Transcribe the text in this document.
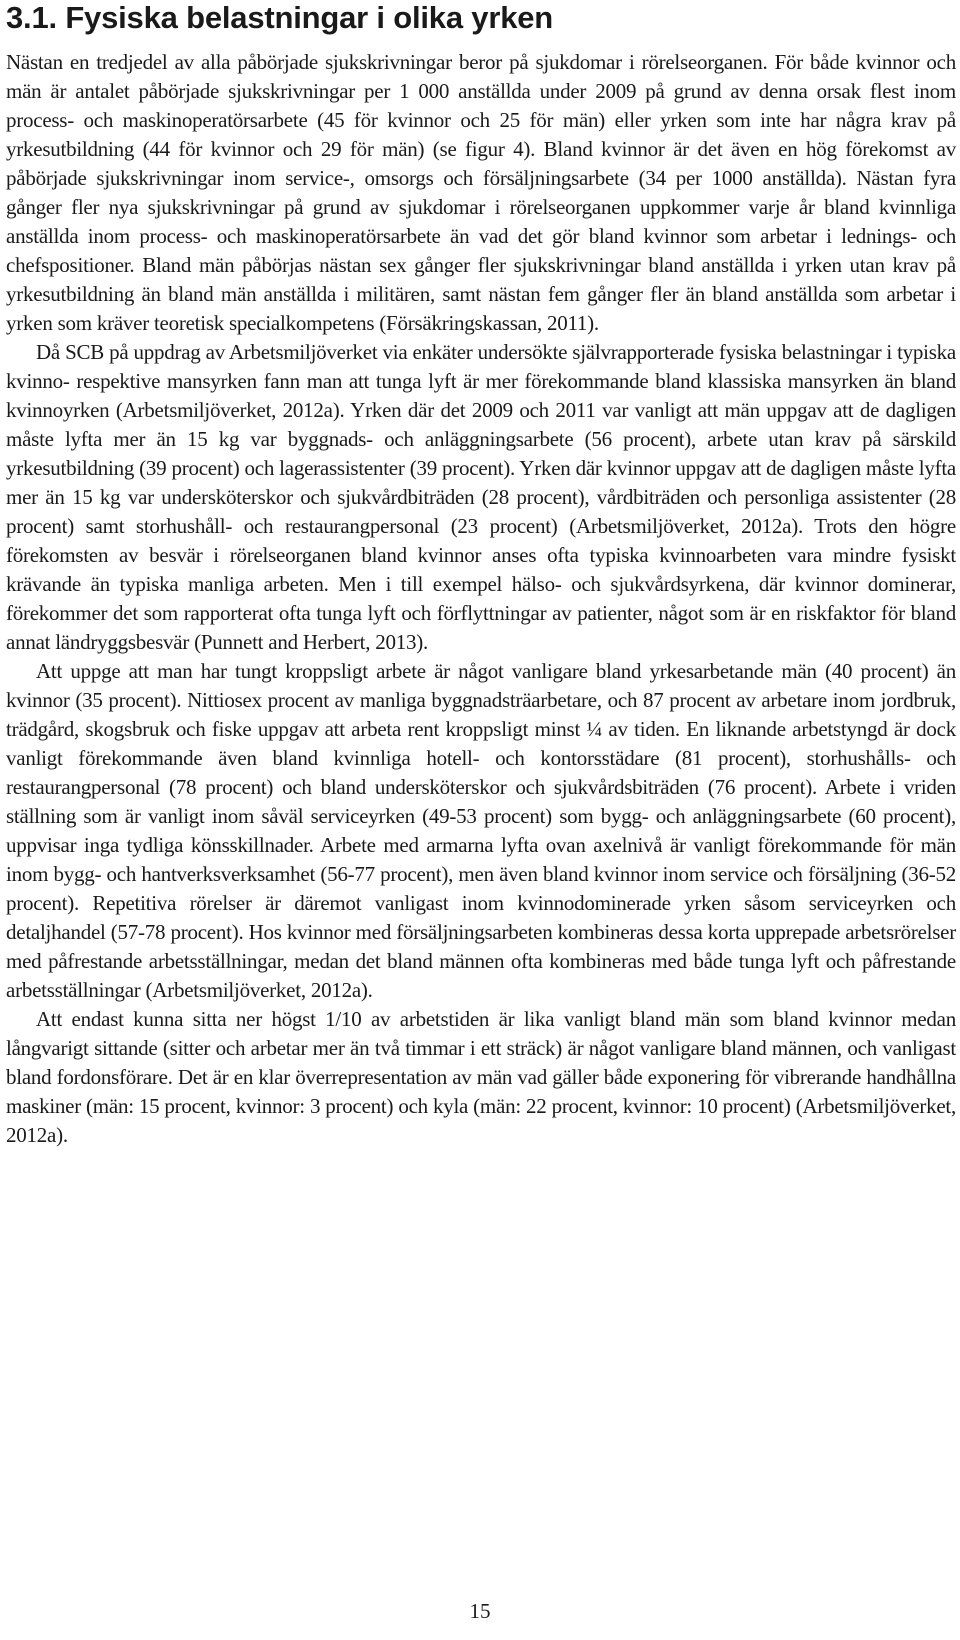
3.1. Fysiska belastningar i olika yrken

Nästan en tredjedel av alla påbörjade sjukskrivningar beror på sjukdomar i rörelseorganen. För både kvinnor och män är antalet påbörjade sjukskrivningar per 1 000 anställda under 2009 på grund av denna orsak flest inom process- och maskinoperatörsarbete (45 för kvinnor och 25 för män) eller yrken som inte har några krav på yrkesutbildning (44 för kvinnor och 29 för män) (se figur 4). Bland kvinnor är det även en hög förekomst av påbörjade sjukskrivningar inom service-, omsorgs och försäljningsarbete (34 per 1000 anställda). Nästan fyra gånger fler nya sjukskrivningar på grund av sjukdomar i rörelseorganen uppkommer varje år bland kvinnliga anställda inom process- och maskinoperatörsarbete än vad det gör bland kvinnor som arbetar i lednings- och chefspositioner. Bland män påbörjas nästan sex gånger fler sjukskrivningar bland anställda i yrken utan krav på yrkesutbildning än bland män anställda i militären, samt nästan fem gånger fler än bland anställda som arbetar i yrken som kräver teoretisk specialkompetens (Försäkringskassan, 2011).

Då SCB på uppdrag av Arbetsmiljöverket via enkäter undersökte självrapporterade fysiska belastningar i typiska kvinno- respektive mansyrken fann man att tunga lyft är mer förekommande bland klassiska mansyrken än bland kvinnoyrken (Arbetsmiljöverket, 2012a). Yrken där det 2009 och 2011 var vanligt att män uppgav att de dagligen måste lyfta mer än 15 kg var byggnads- och anläggningsarbete (56 procent), arbete utan krav på särskild yrkesutbildning (39 procent) och lagerassistenter (39 procent). Yrken där kvinnor uppgav att de dagligen måste lyfta mer än 15 kg var undersköterskor och sjukvårdbiträden (28 procent), vårdbiträden och personliga assistenter (28 procent) samt storhushåll- och restaurangpersonal (23 procent) (Arbetsmiljöverket, 2012a). Trots den högre förekomsten av besvär i rörelseorganen bland kvinnor anses ofta typiska kvinnoarbeten vara mindre fysiskt krävande än typiska manliga arbeten. Men i till exempel hälso- och sjukvårdsyrkena, där kvinnor dominerar, förekommer det som rapporterat ofta tunga lyft och förflyttningar av patienter, något som är en riskfaktor för bland annat ländryggsbesvär (Punnett and Herbert, 2013).

Att uppge att man har tungt kroppsligt arbete är något vanligare bland yrkesarbetande män (40 procent) än kvinnor (35 procent). Nittiosex procent av manliga byggnadsträarbetare, och 87 procent av arbetare inom jordbruk, trädgård, skogsbruk och fiske uppgav att arbeta rent kroppsligt minst ¼ av tiden. En liknande arbetstyngd är dock vanligt förekommande även bland kvinnliga hotell- och kontorsstädare (81 procent), storhushålls- och restaurangpersonal (78 procent) och bland undersköterskor och sjukvårdsbiträden (76 procent). Arbete i vriden ställning som är vanligt inom såväl serviceyrken (49-53 procent) som bygg- och anläggningsarbete (60 procent), uppvisar inga tydliga könsskillnader. Arbete med armarna lyfta ovan axelnivå är vanligt förekommande för män inom bygg- och hantverksverksamhet (56-77 procent), men även bland kvinnor inom service och försäljning (36-52 procent). Repetitiva rörelser är däremot vanligast inom kvinnodominerade yrken såsom serviceyrken och detaljhandel (57-78 procent). Hos kvinnor med försäljningsarbeten kombineras dessa korta upprepade arbetsrörelser med påfrestande arbetsställningar, medan det bland männen ofta kombineras med både tunga lyft och påfrestande arbetsställningar (Arbetsmiljöverket, 2012a).

Att endast kunna sitta ner högst 1/10 av arbetstiden är lika vanligt bland män som bland kvinnor medan långvarigt sittande (sitter och arbetar mer än två timmar i ett sträck) är något vanligare bland männen, och vanligast bland fordonsförare. Det är en klar överrepresentation av män vad gäller både exponering för vibrerande handhållna maskiner (män: 15 procent, kvinnor: 3 procent) och kyla (män: 22 procent, kvinnor: 10 procent) (Arbetsmiljöverket, 2012a).

15
